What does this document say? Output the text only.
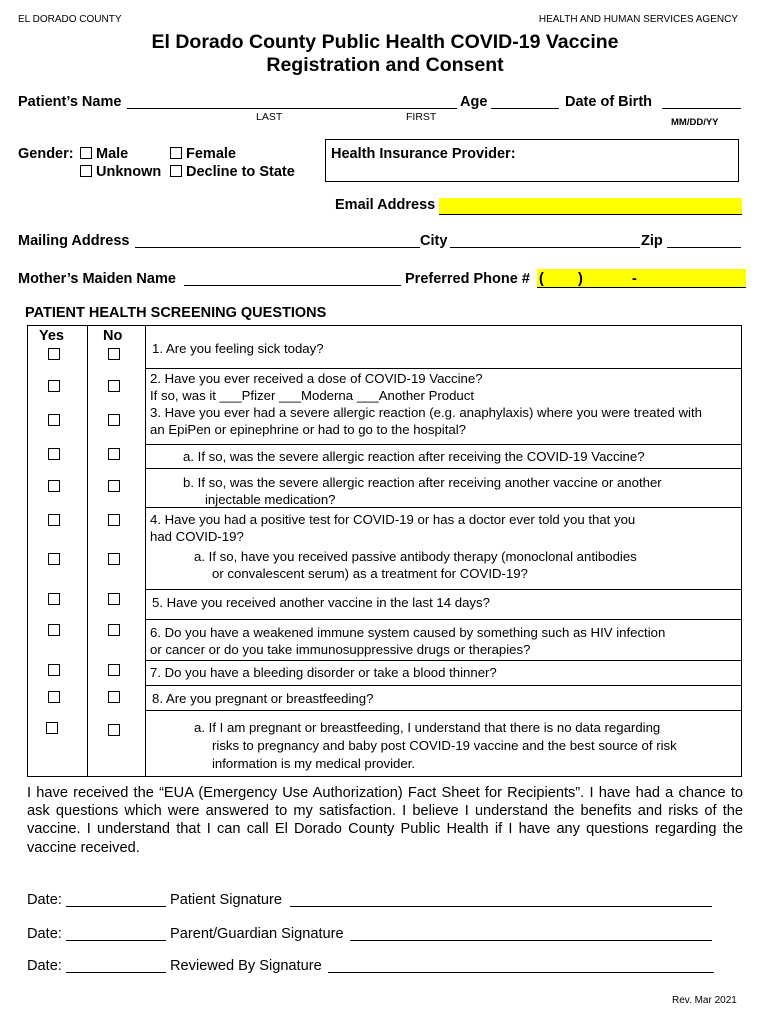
EL DORADO COUNTY	HEALTH AND HUMAN SERVICES AGENCY
El Dorado County Public Health COVID-19 Vaccine
Registration and Consent
Patient’s Name	Age	Date of Birth
LAST	FIRST	MM/DD/YY
Gender:	Male	Female
Unknown	Decline to State
Health Insurance Provider:
Email Address
Mailing Address	City	Zip
Mother’s Maiden Name	Preferred Phone # ( )	-
PATIENT HEALTH SCREENING QUESTIONS
Yes	No
1. Are you feeling sick today?
2. Have you ever received a dose of COVID-19 Vaccine?
If so, was it ___Pfizer ___Moderna ___Another Product
3. Have you ever had a severe allergic reaction (e.g. anaphylaxis) where you were treated with
an EpiPen or epinephrine or had to go to the hospital?
a. If so, was the severe allergic reaction after receiving the COVID-19 Vaccine?
b. If so, was the severe allergic reaction after receiving another vaccine or another
injectable medication?
4. Have you had a positive test for COVID-19 or has a doctor ever told you that you
had COVID-19?
a. If so, have you received passive antibody therapy (monoclonal antibodies
or convalescent serum) as a treatment for COVID-19?
5. Have you received another vaccine in the last 14 days?
6. Do you have a weakened immune system caused by something such as HIV infection
or cancer or do you take immunosuppressive drugs or therapies?
7. Do you have a bleeding disorder or take a blood thinner?
8. Are you pregnant or breastfeeding?
a. If I am pregnant or breastfeeding, I understand that there is no data regarding
risks to pregnancy and baby post COVID-19 vaccine and the best source of risk
information is my medical provider.
I have received the “EUA (Emergency Use Authorization) Fact Sheet for Recipients”. I have had a chance to ask questions which were answered to my satisfaction. I believe I understand the benefits and risks of the vaccine. I understand that I can call El Dorado County Public Health if I have any questions regarding the vaccine received.
Date:	Patient Signature
Date:	Parent/Guardian Signature
Date:	Reviewed By Signature
Rev. Mar 2021
